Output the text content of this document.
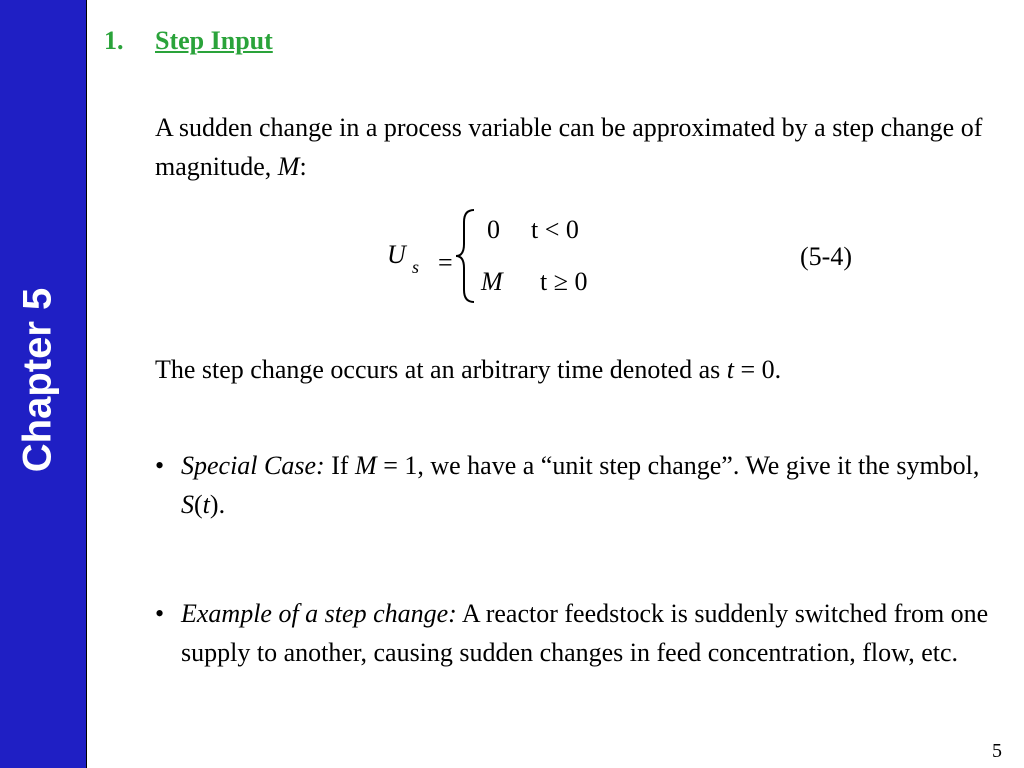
Chapter 5
1. Step Input

A sudden change in a process variable can be approximated by a step change of magnitude, M:

U s =
0 t < 0
M t ≥ 0
(5-4)

The step change occurs at an arbitrary time denoted as t = 0.

• Special Case: If M = 1, we have a “unit step change”. We give it the symbol, S(t).
• Example of a step change: A reactor feedstock is suddenly switched from one supply to another, causing sudden changes in feed concentration, flow, etc.
5
